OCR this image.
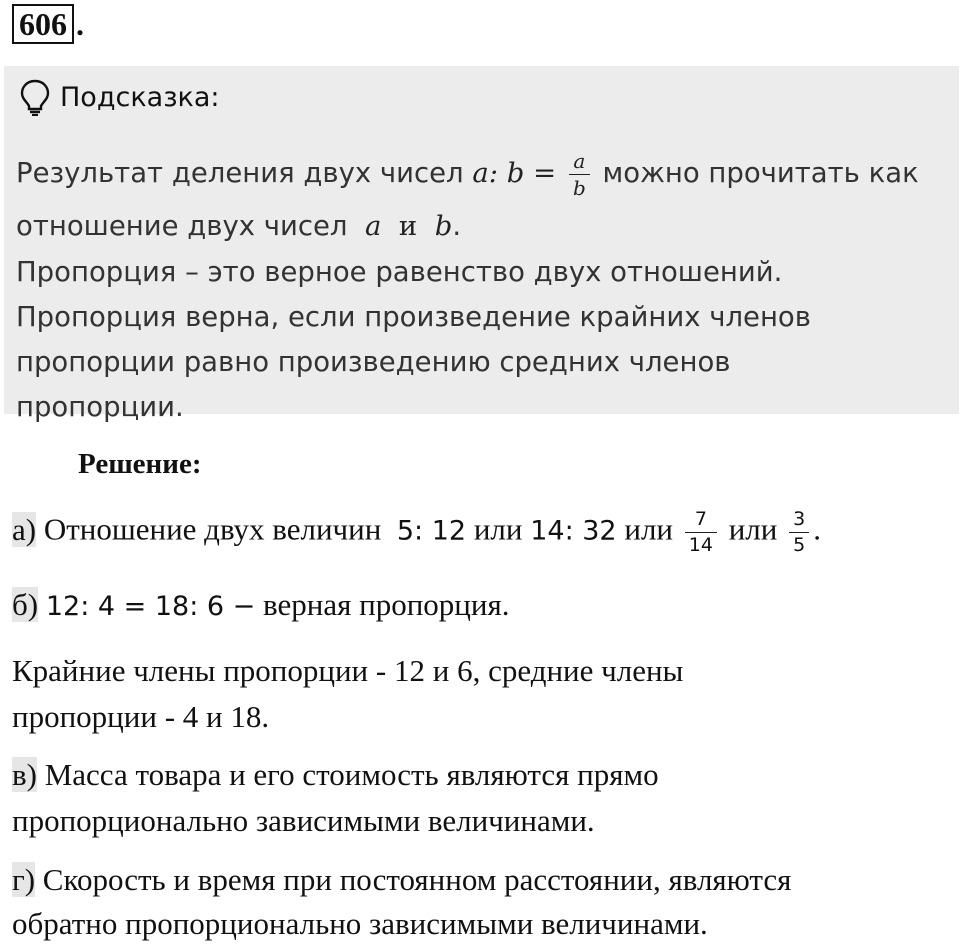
606 .
Подсказка:
Результат деления двух чисел a: $b = \frac{a}{b}$ можно прочитать как
отношение двух чисел a и b.
Пропорция – это верное равенство двух отношений.
Пропорция верна, если произведение крайних членов
пропорции равно произведению средних членов
пропорции.
Решение:
а) Отношение двух величин 5: 12 или 14: 32 или $\frac{7}{14}$ или $\frac{3}{5}$ .
б) 12: 4 = 18: 6 − верная пропорция.
Крайние члены пропорции - 12 и 6, средние члены
пропорции - 4 и 18.
в) Масса товара и его стоимость являются прямо
пропорционально зависимыми величинами.
г) Скорость и время при постоянном расстоянии, являются
обратно пропорционально зависимыми величинами.
